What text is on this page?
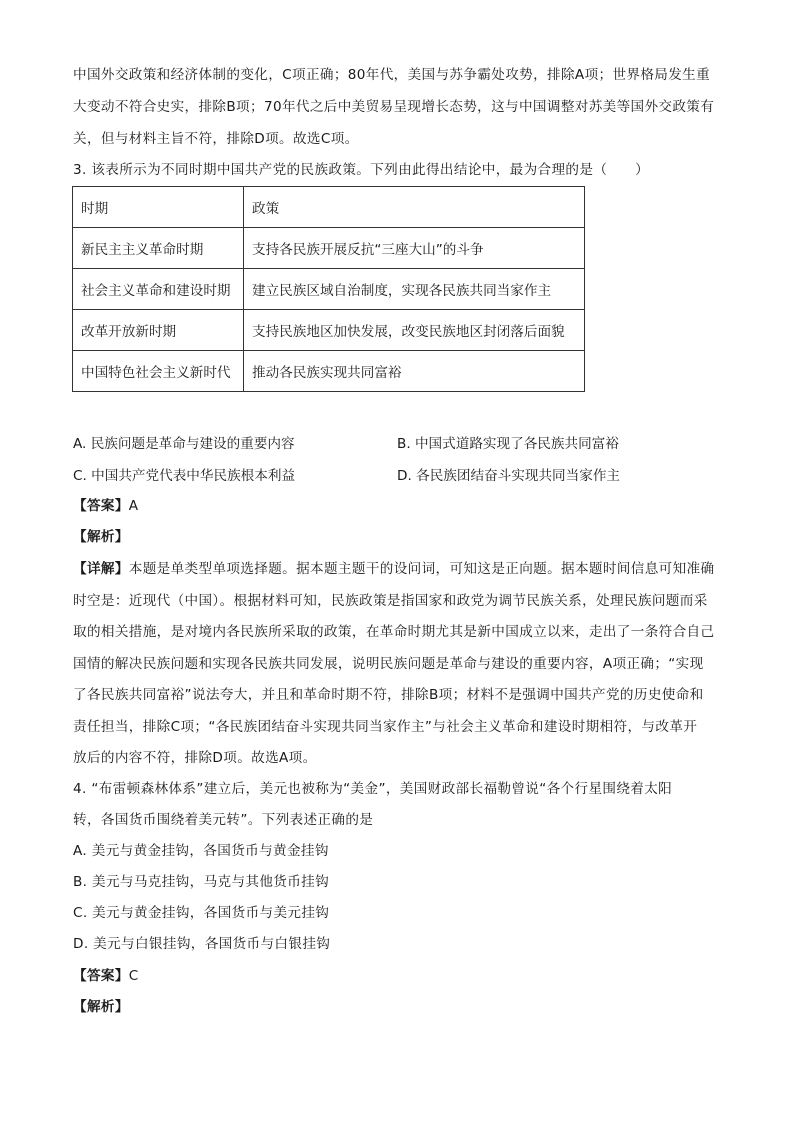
中国外交政策和经济体制的变化，C项正确；80年代，美国与苏争霸处攻势，排除A项；世界格局发生重
大变动不符合史实，排除B项；70年代之后中美贸易呈现增长态势，这与中国调整对苏美等国外交政策有
关，但与材料主旨不符，排除D项。故选C项。
3. 该表所示为不同时期中国共产党的民族政策。下列由此得出结论中，最为合理的是（　　）
时期	政策
新民主主义革命时期	支持各民族开展反抗“三座大山”的斗争
社会主义革命和建设时期	建立民族区域自治制度，实现各民族共同当家作主
改革开放新时期	支持民族地区加快发展，改变民族地区封闭落后面貌
中国特色社会主义新时代	推动各民族实现共同富裕
A. 民族问题是革命与建设的重要内容	B. 中国式道路实现了各民族共同富裕
C. 中国共产党代表中华民族根本利益	D. 各民族团结奋斗实现共同当家作主
【答案】A
【解析】
【详解】本题是单类型单项选择题。据本题主题干的设问词，可知这是正向题。据本题时间信息可知准确
时空是：近现代（中国）。根据材料可知，民族政策是指国家和政党为调节民族关系，处理民族问题而采
取的相关措施，是对境内各民族所采取的政策，在革命时期尤其是新中国成立以来，走出了一条符合自己
国情的解决民族问题和实现各民族共同发展，说明民族问题是革命与建设的重要内容，A项正确；“实现
了各民族共同富裕”说法夸大，并且和革命时期不符，排除B项；材料不是强调中国共产党的历史使命和
责任担当，排除C项；“各民族团结奋斗实现共同当家作主”与社会主义革命和建设时期相符，与改革开
放后的内容不符，排除D项。故选A项。
4. “布雷顿森林体系”建立后，美元也被称为“美金”，美国财政部长福勒曾说“各个行星围绕着太阳
转，各国货币围绕着美元转”。下列表述正确的是
A. 美元与黄金挂钩，各国货币与黄金挂钩
B. 美元与马克挂钩，马克与其他货币挂钩
C. 美元与黄金挂钩，各国货币与美元挂钩
D. 美元与白银挂钩，各国货币与白银挂钩
【答案】C
【解析】
